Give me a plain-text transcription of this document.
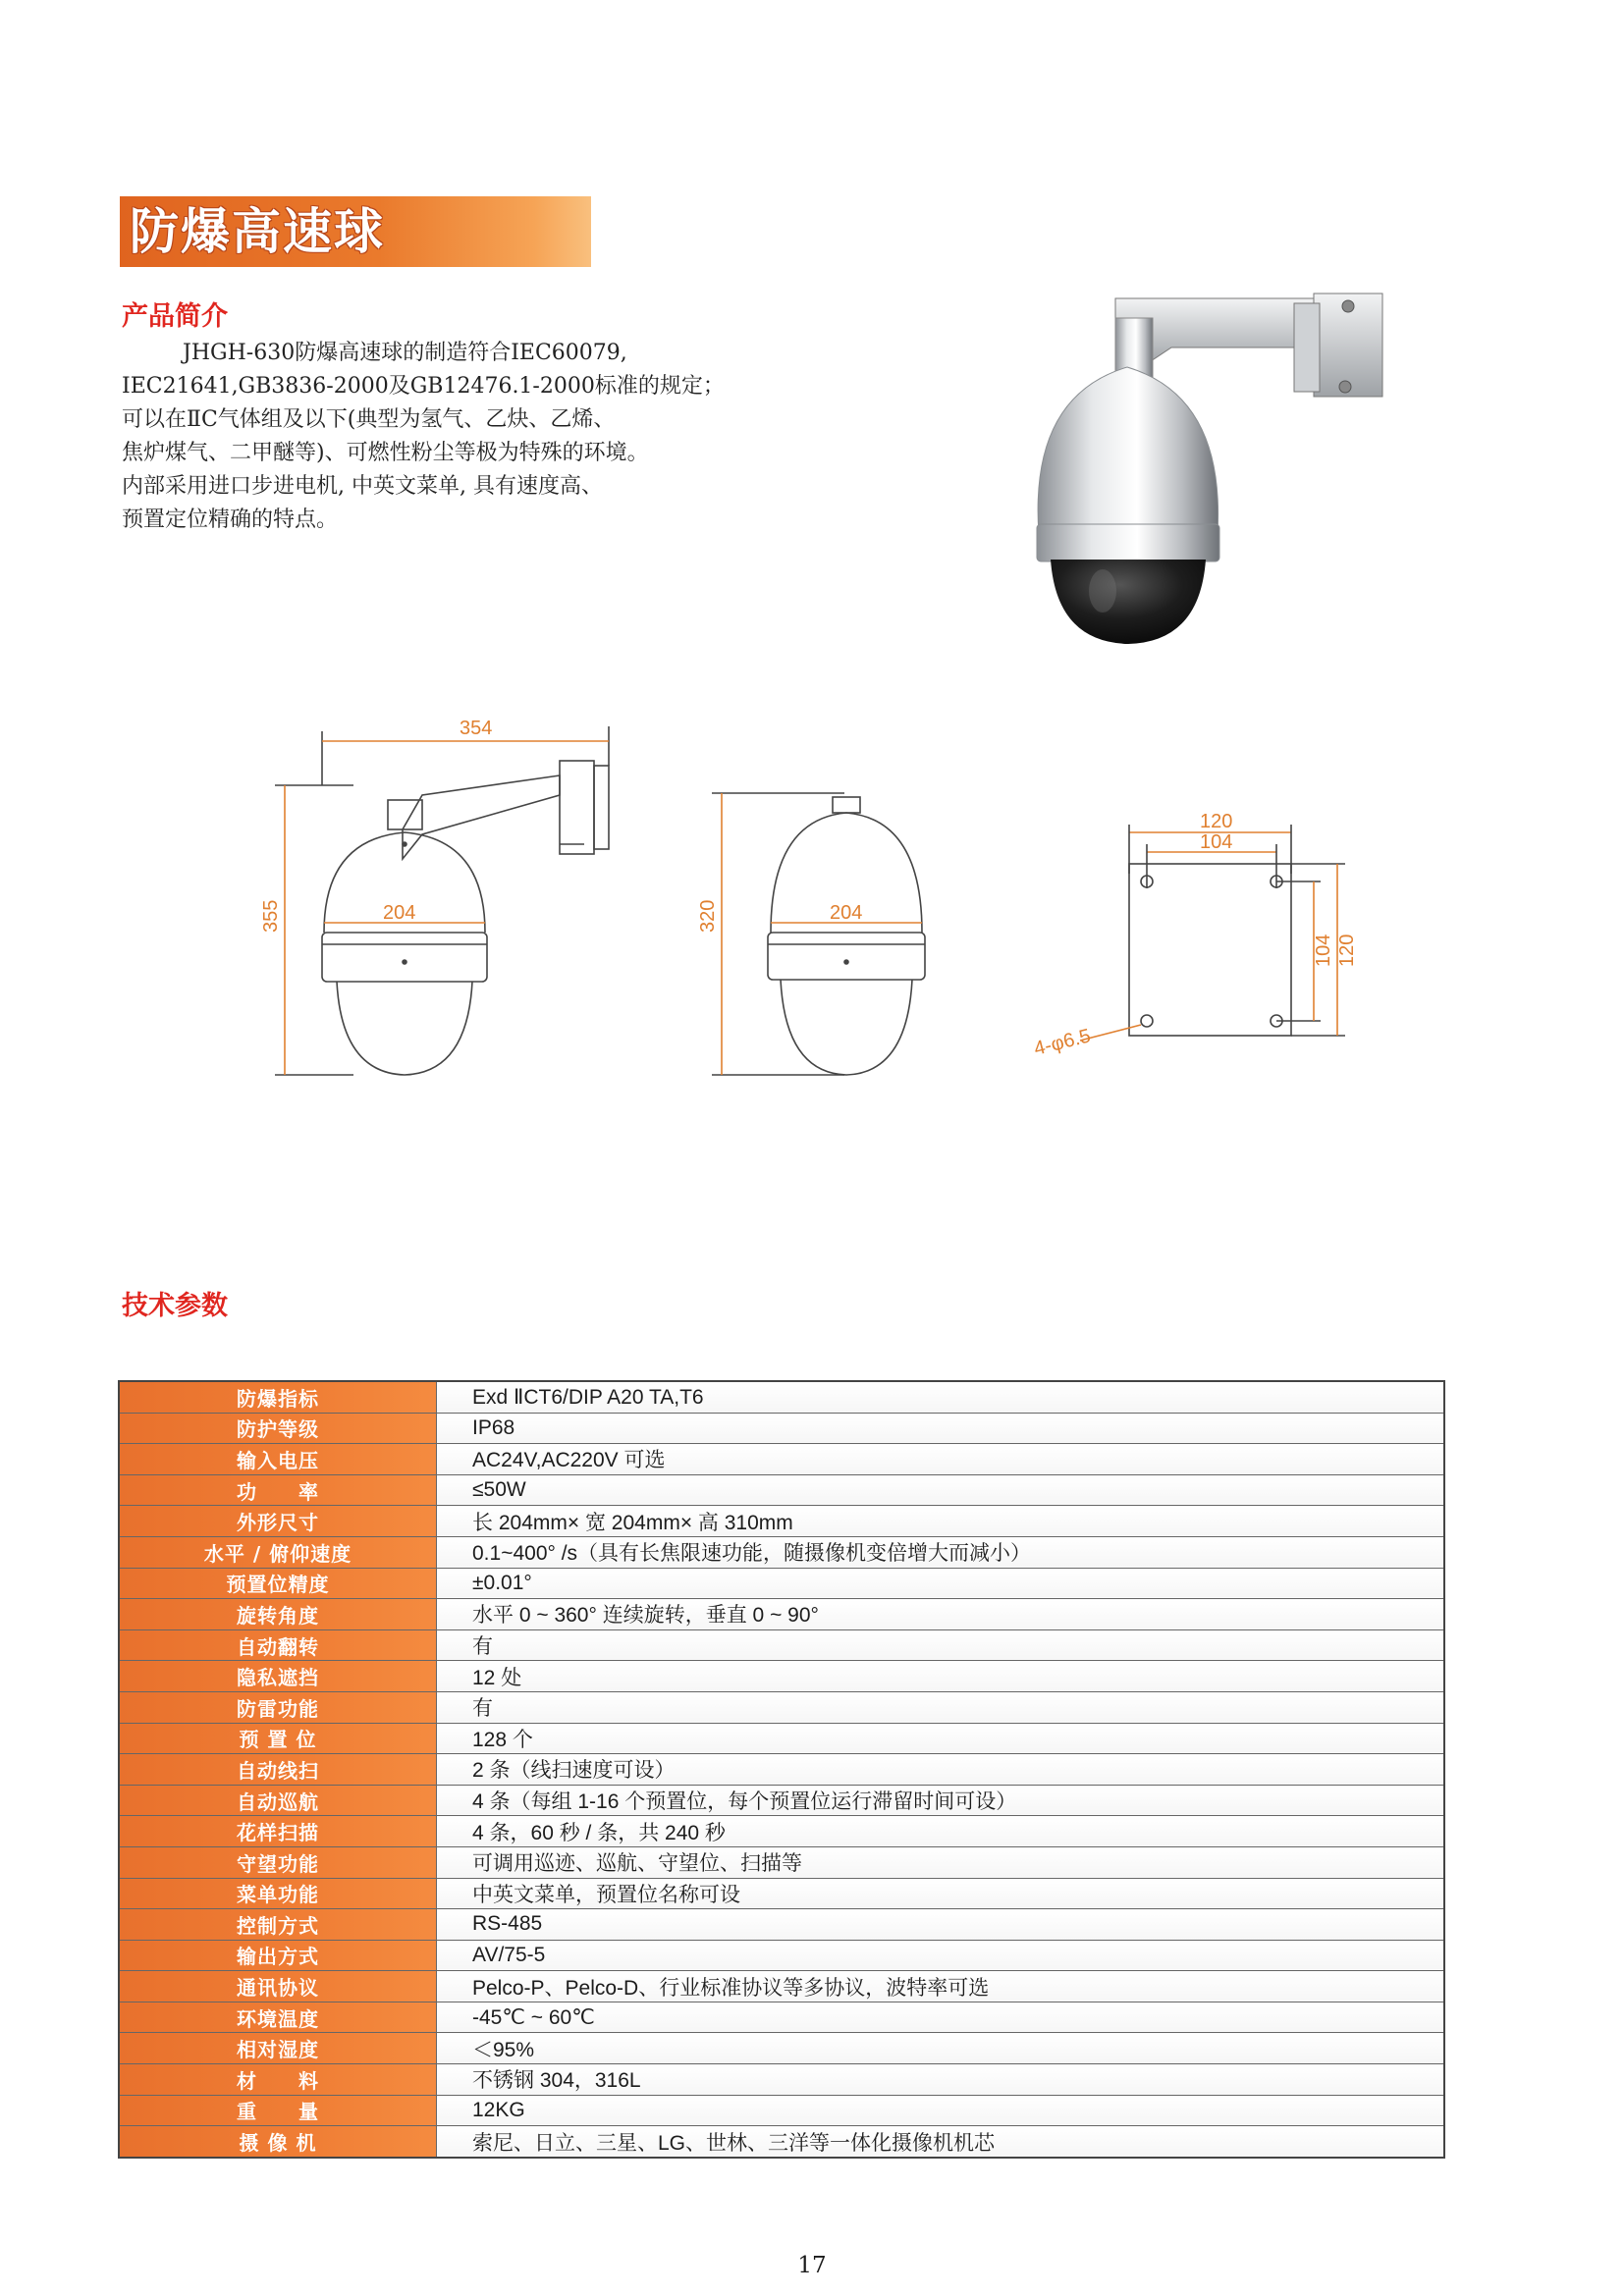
防爆高速球
产品简介

JHGH-630防爆高速球的制造符合IEC60079,

IEC21641,GB3836-2000及GB12476.1-2000标准的规定；

可以在ⅡC气体组及以下(典型为氢气、乙炔、乙烯、

焦炉煤气、二甲醚等)、可燃性粉尘等极为特殊的环境。

内部采用进口步进电机, 中英文菜单, 具有速度高、

预置定位精确的特点。

354
355	204	320	204
120
104
120
104
4-φ6.5
技术参数
防爆指标	Exd ⅡCT6/DIP A20 TA,T6
防护等级	IP68
输入电压	AC24V,AC220V 可选
功　　率	≤50W
外形尺寸	长 204mm× 宽 204mm× 高 310mm
水平 / 俯仰速度	0.1~400° /s（具有长焦限速功能，随摄像机变倍增大而减小）
预置位精度	±0.01°
旋转角度	水平 0 ~ 360° 连续旋转，垂直 0 ~ 90°
自动翻转	有
隐私遮挡	12 处
防雷功能	有
预 置 位	128 个
自动线扫	2 条（线扫速度可设）
自动巡航	4 条（每组 1-16 个预置位，每个预置位运行滞留时间可设）
花样扫描	4 条，60 秒 / 条，共 240 秒
守望功能	可调用巡迹、巡航、守望位、扫描等
菜单功能	中英文菜单，预置位名称可设
控制方式	RS-485
输出方式	AV/75-5
通讯协议	Pelco-P、Pelco-D、行业标准协议等多协议，波特率可选
环境温度	-45℃ ~ 60℃
相对湿度	＜95%
材　　料	不锈钢 304，316L
重　　量	12KG
摄 像 机	索尼、日立、三星、LG、世林、三洋等一体化摄像机机芯
17
